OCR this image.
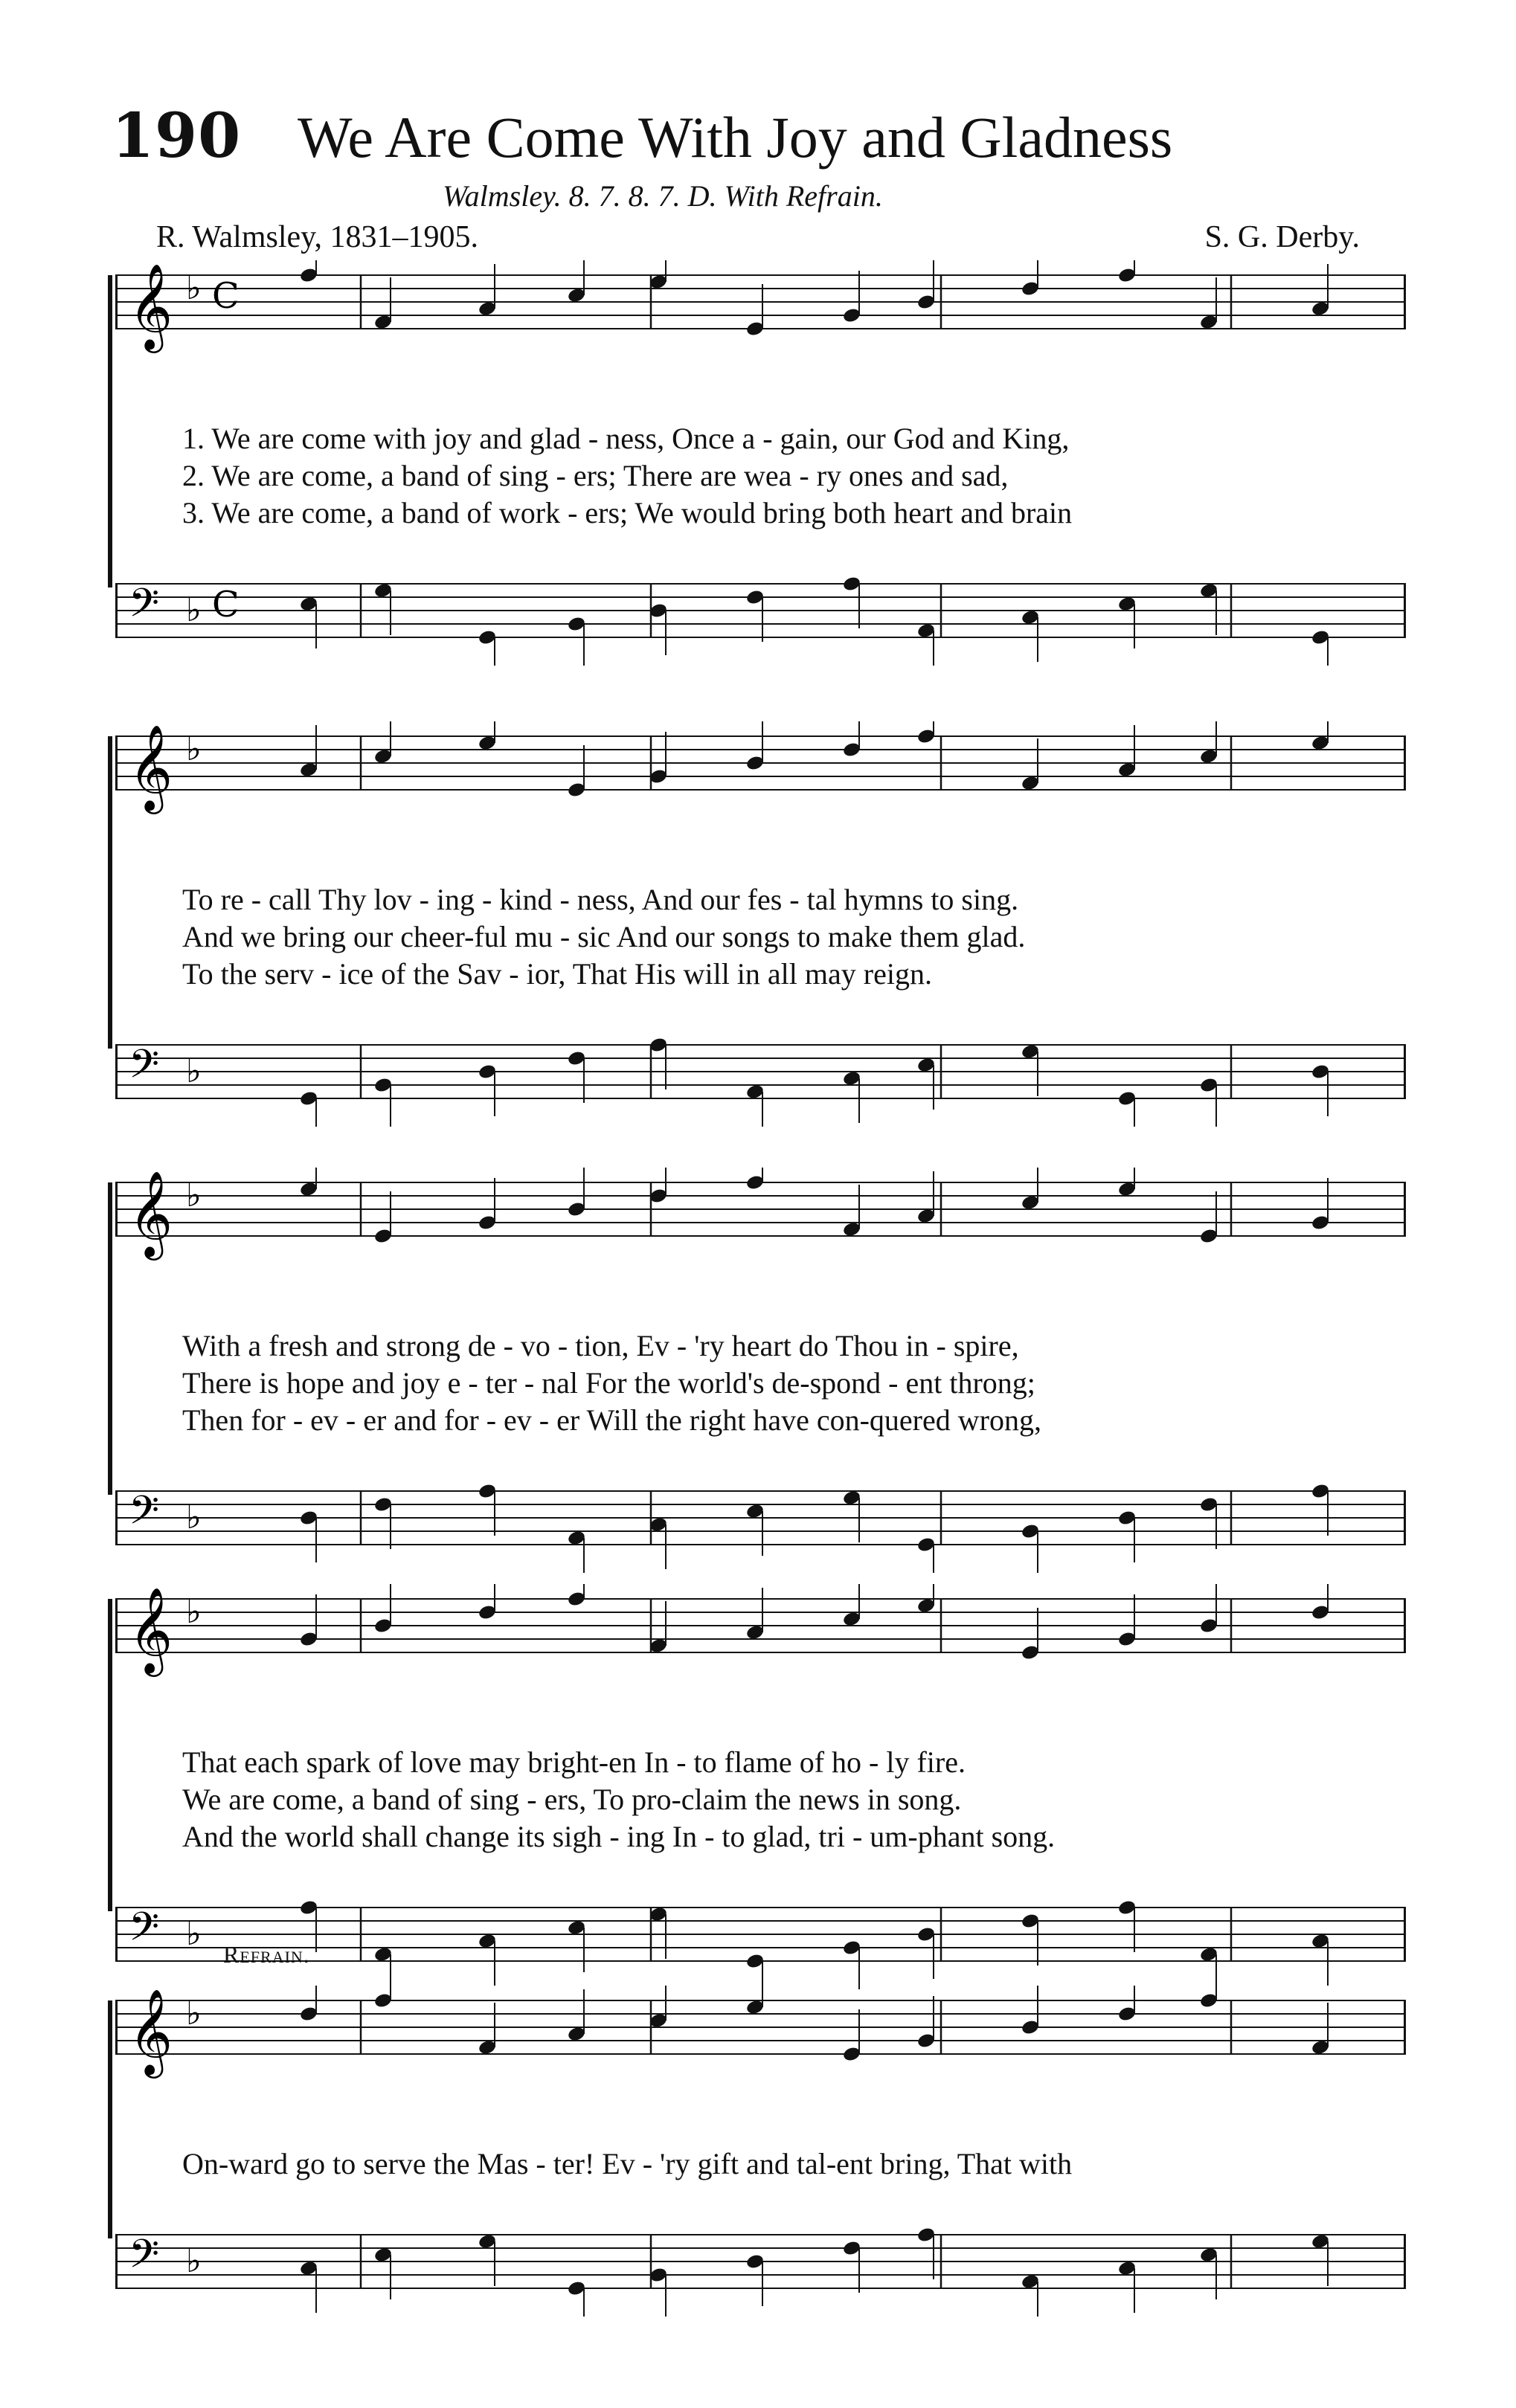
190 We Are Come With Joy and Gladness
Walmsley. 8. 7. 8. 7. D. With Refrain.
R. Walmsley, 1831–1905.	S. G. Derby.
𝄞 ♭ C
1. We are come with joy and glad - ness, Once a - gain, our God and King,
2. We are come, a band of sing - ers; There are wea - ry ones and sad,
3. We are come, a band of work - ers; We would bring both heart and brain
𝄢 ♭ C
𝄞 ♭
To re - call Thy lov - ing - kind - ness, And our fes - tal hymns to sing.
And we bring our cheer-ful mu - sic And our songs to make them glad.
To the serv - ice of the Sav - ior, That His will in all may reign.
𝄢 ♭
𝄞 ♭
With a fresh and strong de - vo - tion, Ev - 'ry heart do Thou in - spire,
There is hope and joy e - ter - nal For the world's de-spond - ent throng;
Then for - ev - er and for - ev - er Will the right have con-quered wrong,
𝄢 ♭
𝄞 ♭
That each spark of love may bright-en In - to flame of ho - ly fire.
We are come, a band of sing - ers, To pro-claim the news in song.
And the world shall change its sigh - ing In - to glad, tri - um-phant song.
𝄢 ♭
𝄞 ♭
On-ward go to serve the Mas - ter! Ev - 'ry gift and tal-ent bring, That with
𝄢 ♭
Refrain.
